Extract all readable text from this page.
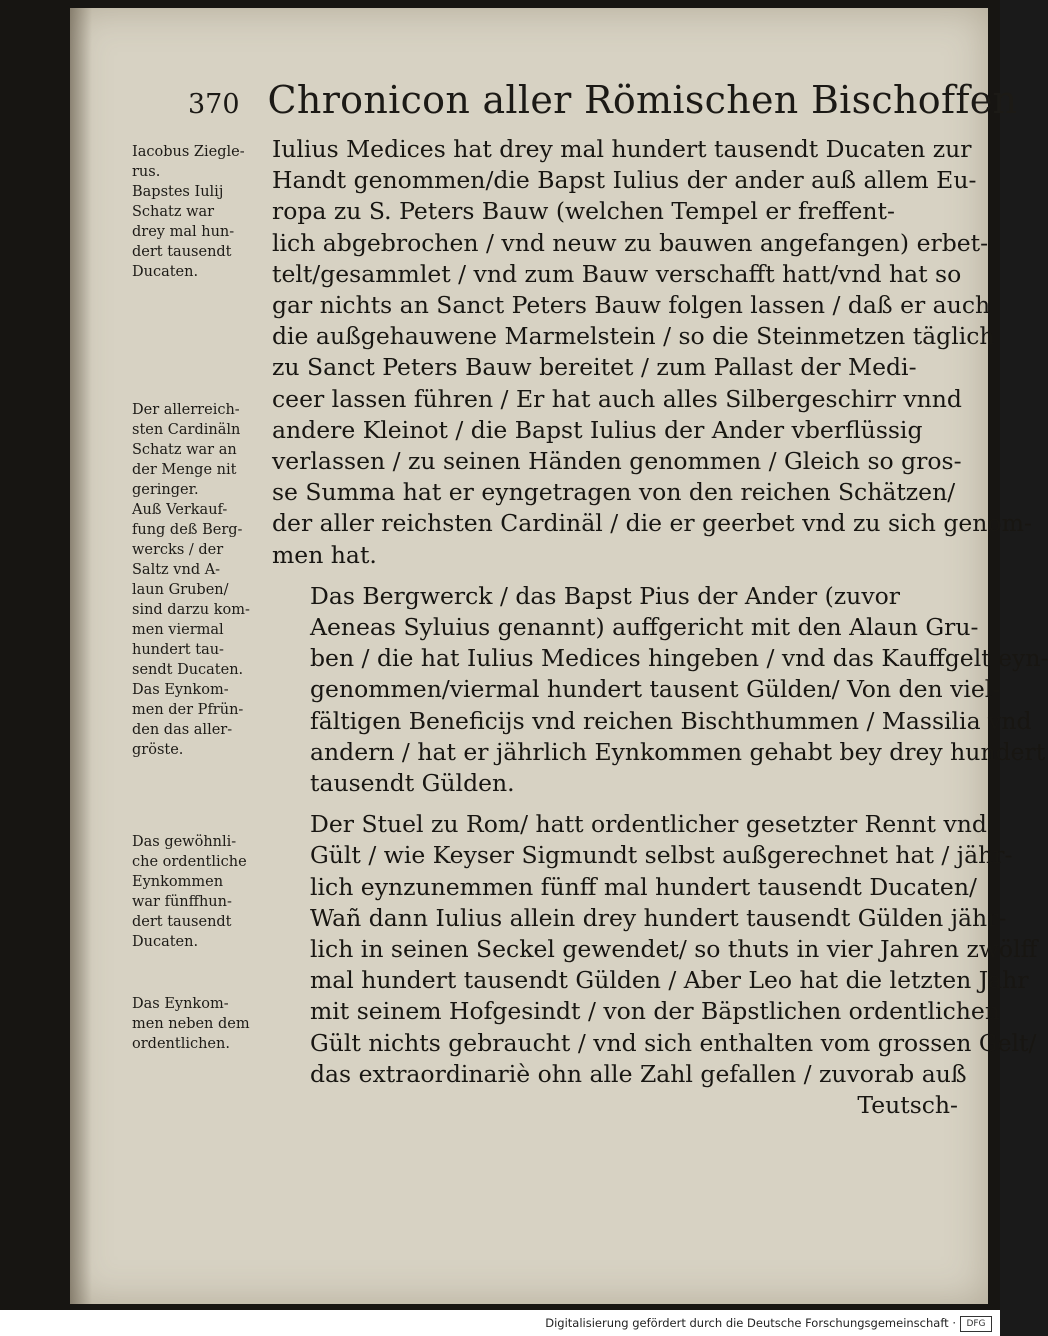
370 Chronicon aller Römischen Bischoffen

Iacobus Ziegle-
rus.

Bapstes Iulij
Schatz war
drey mal hun-
dert tausendt
Ducaten.

Der allerreich-
sten Cardinäln
Schatz war an
der Menge nit
geringer.

Auß Verkauf-
fung deß Berg-
wercks / der
Saltz vnd A-
laun Gruben/
sind darzu kom-
men viermal
hundert tau-
sendt Ducaten.

Das Eynkom-
men der Pfrün-
den das aller-
gröste.

Das gewöhnli-
che ordentliche
Eynkommen
war fünffhun-
dert tausendt
Ducaten.

Das Eynkom-
men neben dem
ordentlichen.

Iulius Medices hat drey mal hundert tausendt Ducaten zur
Handt genommen/die Bapst Iulius der ander auß allem Eu-
ropa zu S. Peters Bauw (welchen Tempel er freffent-
lich abgebrochen / vnd neuw zu bauwen angefangen) erbet-
telt/gesammlet / vnd zum Bauw verschafft hatt/vnd hat so
gar nichts an Sanct Peters Bauw folgen lassen / daß er auch
die außgehauwene Marmelstein / so die Steinmetzen täglich
zu Sanct Peters Bauw bereitet / zum Pallast der Medi-
ceer lassen führen / Er hat auch alles Silbergeschirr vnnd
andere Kleinot / die Bapst Iulius der Ander vberflüssig
verlassen / zu seinen Händen genommen / Gleich so gros-
se Summa hat er eyngetragen von den reichen Schätzen/
der aller reichsten Cardinäl / die er geerbet vnd zu sich genom-
men hat.

Das Bergwerck / das Bapst Pius der Ander (zuvor
Aeneas Syluius genannt) auffgericht mit den Alaun Gru-
ben / die hat Iulius Medices hingeben / vnd das Kauffgelt eyn-
genommen/viermal hundert tausent Gülden/ Von den viel-
fältigen Beneficijs vnd reichen Bischthummen / Massilia vnd
andern / hat er jährlich Eynkommen gehabt bey drey hundert
tausendt Gülden.

Der Stuel zu Rom/ hatt ordentlicher gesetzter Rennt vnd
Gült / wie Keyser Sigmundt selbst außgerechnet hat / jähr-
lich eynzunemmen fünff mal hundert tausendt Ducaten/
Wañ dann Iulius allein drey hundert tausendt Gülden jähr-
lich in seinen Seckel gewendet/ so thuts in vier Jahren zwölff
mal hundert tausendt Gülden / Aber Leo hat die letzten Jahr
mit seinem Hofgesindt / von der Bäpstlichen ordentlichen
Gült nichts gebraucht / vnd sich enthalten vom grossen Gelt/
das extraordinariè ohn alle Zahl gefallen / zuvorab auß
Teutsch-

Digitalisierung gefördert durch die Deutsche Forschungsgemeinschaft ·	DFG
